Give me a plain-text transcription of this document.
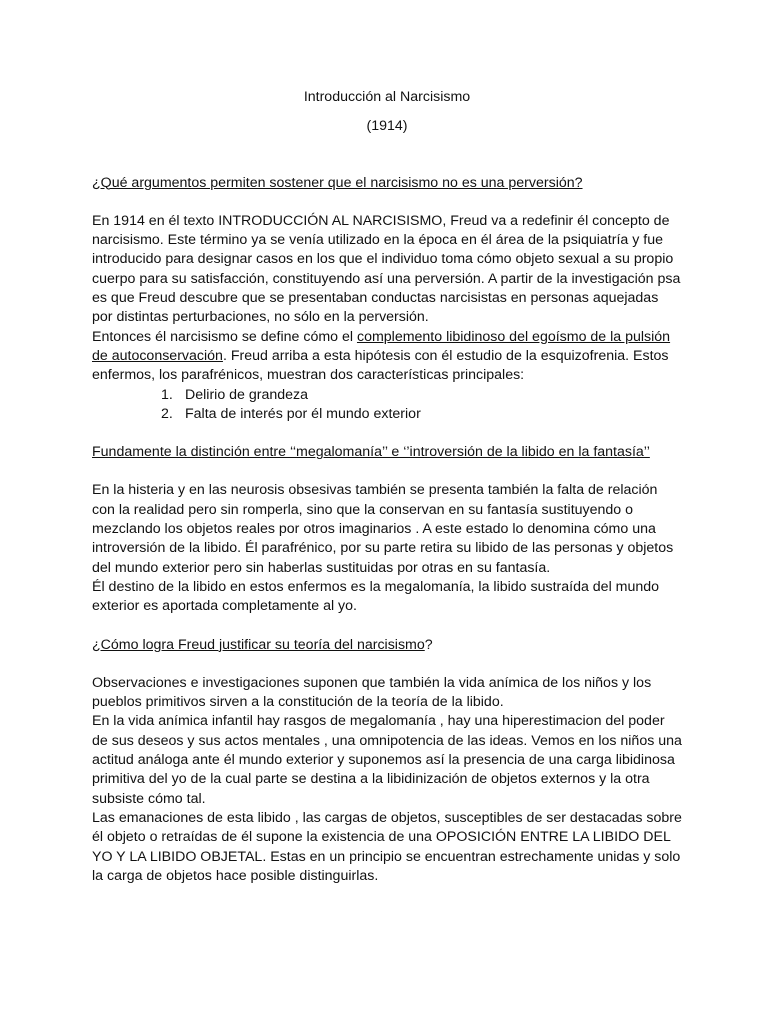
Introducción al Narcisismo

(1914)

¿Qué argumentos permiten sostener que el narcisismo no es una perversión?

En 1914 en él texto INTRODUCCIÓN AL NARCISISMO, Freud va a redefinir él concepto de narcisismo. Este término ya se venía utilizado en la época en él área de la psiquiatría y fue introducido para designar casos en los que el individuo toma cómo objeto sexual a su propio cuerpo para su satisfacción, constituyendo así una perversión. A partir de la investigación psa es que Freud descubre que se presentaban conductas narcisistas en personas aquejadas por distintas perturbaciones, no sólo en la perversión.

Entonces él narcisismo se define cómo el complemento libidinoso del egoísmo de la pulsión de autoconservación. Freud arriba a esta hipótesis con él estudio de la esquizofrenia. Estos enfermos, los parafrénicos, muestran dos características principales:

1. Delirio de grandeza
2. Falta de interés por él mundo exterior

Fundamente la distinción entre ‘‘megalomanía’’ e ‘’introversión de la libido en la fantasía’’

En la histeria y en las neurosis obsesivas también se presenta también la falta de relación con la realidad pero sin romperla, sino que la conservan en su fantasía sustituyendo o mezclando los objetos reales por otros imaginarios . A este estado lo denomina cómo una introversión de la libido. Él parafrénico, por su parte retira su libido de las personas y objetos del mundo exterior pero sin haberlas sustituidas por otras en su fantasía.

Él destino de la libido en estos enfermos es la megalomanía, la libido sustraída del mundo exterior es aportada completamente al yo.

¿Cómo logra Freud justificar su teoría del narcisismo?

Observaciones e investigaciones suponen que también la vida anímica de los niños y los pueblos primitivos sirven a la constitución de la teoría de la libido.

En la vida anímica infantil hay rasgos de megalomanía , hay una hiperestimacion del poder de sus deseos y sus actos mentales , una omnipotencia de las ideas. Vemos en los niños una actitud análoga ante él mundo exterior y suponemos así la presencia de una carga libidinosa primitiva del yo de la cual parte se destina a la libidinización de objetos externos y la otra subsiste cómo tal.

Las emanaciones de esta libido , las cargas de objetos, susceptibles de ser destacadas sobre él objeto o retraídas de él supone la existencia de una OPOSICIÓN ENTRE LA LIBIDO DEL YO Y LA LIBIDO OBJETAL. Estas en un principio se encuentran estrechamente unidas y solo la carga de objetos hace posible distinguirlas.
